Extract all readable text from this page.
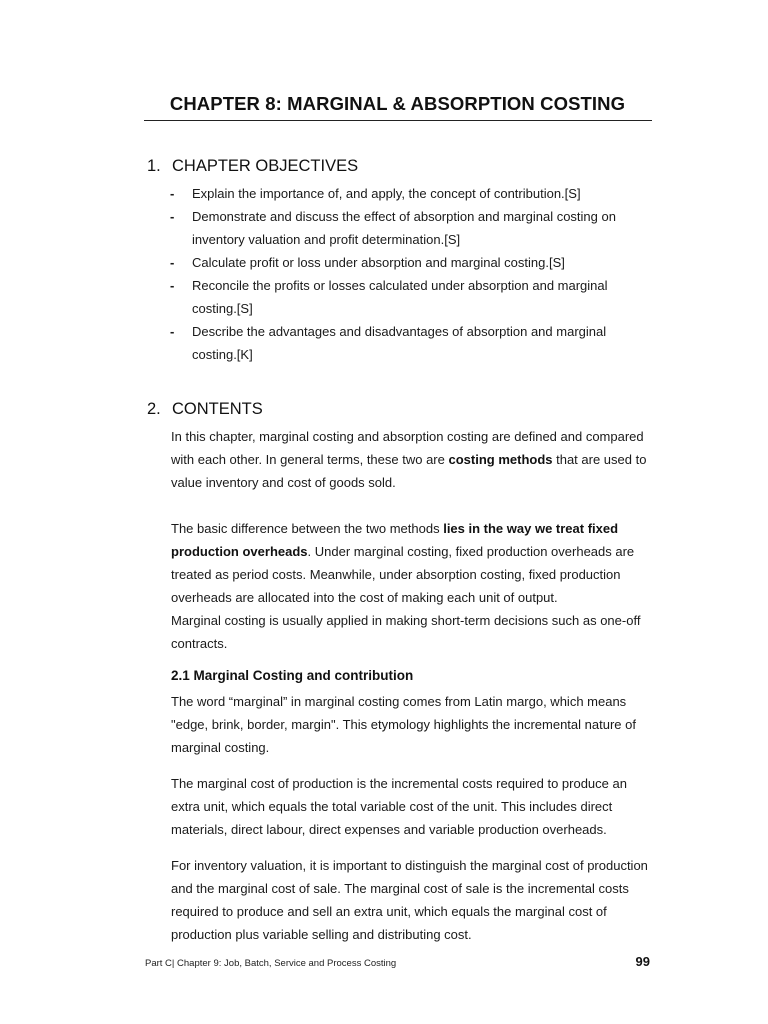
CHAPTER 8: MARGINAL & ABSORPTION COSTING
1. CHAPTER OBJECTIVES
- Explain the importance of, and apply, the concept of contribution.[S]
- Demonstrate and discuss the effect of absorption and marginal costing on inventory valuation and profit determination.[S]
- Calculate profit or loss under absorption and marginal costing.[S]
- Reconcile the profits or losses calculated under absorption and marginal costing.[S]
- Describe the advantages and disadvantages of absorption and marginal costing.[K]
2. CONTENTS

In this chapter, marginal costing and absorption costing are defined and compared with each other. In general terms, these two are costing methods that are used to value inventory and cost of goods sold.

The basic difference between the two methods lies in the way we treat fixed production overheads. Under marginal costing, fixed production overheads are treated as period costs. Meanwhile, under absorption costing, fixed production overheads are allocated into the cost of making each unit of output.

Marginal costing is usually applied in making short-term decisions such as one-off contracts.

2.1 Marginal Costing and contribution

The word “marginal” in marginal costing comes from Latin margo, which means "edge, brink, border, margin". This etymology highlights the incremental nature of marginal costing.

The marginal cost of production is the incremental costs required to produce an extra unit, which equals the total variable cost of the unit. This includes direct materials, direct labour, direct expenses and variable production overheads.

For inventory valuation, it is important to distinguish the marginal cost of production and the marginal cost of sale. The marginal cost of sale is the incremental costs required to produce and sell an extra unit, which equals the marginal cost of production plus variable selling and distributing cost.

Part C| Chapter 9: Job, Batch, Service and Process Costing	99
